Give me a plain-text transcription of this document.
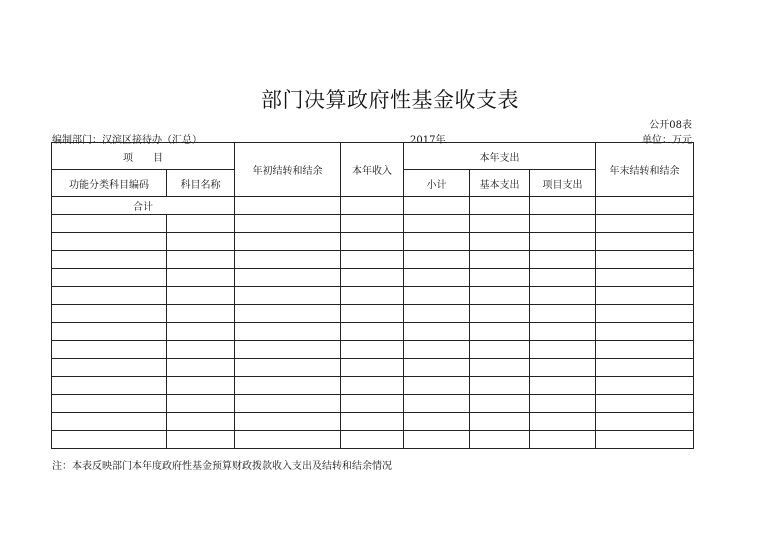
部门决算政府性基金收支表
公开08表
编制部门：汉滨区接待办（汇总）	2017年	单位：万元
项　　目		年初结转和结余	本年收入	本年支出			年末结转和结余
功能分类科目编码	科目名称			小计	基本支出	项目支出	
合计							

注：本表反映部门本年度政府性基金预算财政拨款收入支出及结转和结余情况
